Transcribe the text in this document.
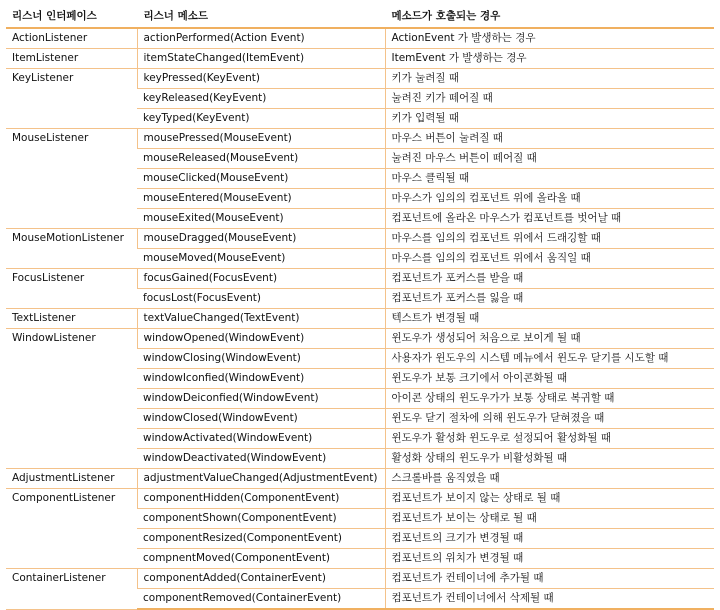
리스너 인터페이스	리스너 메소드	메소드가 호출되는 경우
ActionListener	actionPerformed(Action Event)	ActionEvent 가 발생하는 경우
ItemListener	itemStateChanged(ItemEvent)	ItemEvent 가 발생하는 경우
KeyListener	keyPressed(KeyEvent)	키가 눌려질 때
	keyReleased(KeyEvent)	눌려진 키가 떼어질 때
	keyTyped(KeyEvent)	키가 입력될 때
MouseListener	mousePressed(MouseEvent)	마우스 버튼이 눌려질 때
	mouseReleased(MouseEvent)	눌려진 마우스 버튼이 떼어질 때
	mouseClicked(MouseEvent)	마우스 클릭될 때
	mouseEntered(MouseEvent)	마우스가 임의의 컴포넌트 위에 올라올 때
	mouseExited(MouseEvent)	컴포넌트에 올라온 마우스가 컴포넌트를 벗어날 때
MouseMotionListener	mouseDragged(MouseEvent)	마우스를 임의의 컴포넌트 위에서 드래깅할 때
	mouseMoved(MouseEvent)	마우스를 임의의 컴포넌트 위에서 움직일 때
FocusListener	focusGained(FocusEvent)	컴포넌트가 포커스를 받을 때
	focusLost(FocusEvent)	컴포넌트가 포커스를 잃을 때
TextListener	textValueChanged(TextEvent)	텍스트가 변경될 때
WindowListener	windowOpened(WindowEvent)	윈도우가 생성되어 처음으로 보이게 될 때
	windowClosing(WindowEvent)	사용자가 윈도우의 시스템 메뉴에서 윈도우 닫기를 시도할 때
	windowIconfied(WindowEvent)	윈도우가 보통 크기에서 아이콘화될 때
	windowDeiconfied(WindowEvent)	아이콘 상태의 윈도우가가 보통 상태로 복귀할 때
	windowClosed(WindowEvent)	윈도우 닫기 절차에 의해 윈도우가 닫혀졌을 때
	windowActivated(WindowEvent)	윈도우가 활성화 윈도우로 설정되어 활성화될 때
	windowDeactivated(WindowEvent)	활성화 상태의 윈도우가 비활성화될 때
AdjustmentListener	adjustmentValueChanged(AdjustmentEvent)	스크롤바를 움직였을 때
ComponentListener	componentHidden(ComponentEvent)	컴포넌트가 보이지 않는 상태로 될 때
	componentShown(ComponentEvent)	컴포넌트가 보이는 상태로 될 때
	componentResized(ComponentEvent)	컴포넌트의 크기가 변경될 때
	compnentMoved(ComponentEvent)	컴포넌트의 위치가 변경될 때
ContainerListener	componentAdded(ContainerEvent)	컴포넌트가 컨테이너에 추가될 때
	componentRemoved(ContainerEvent)	컴포넌트가 컨테이너에서 삭제될 때
